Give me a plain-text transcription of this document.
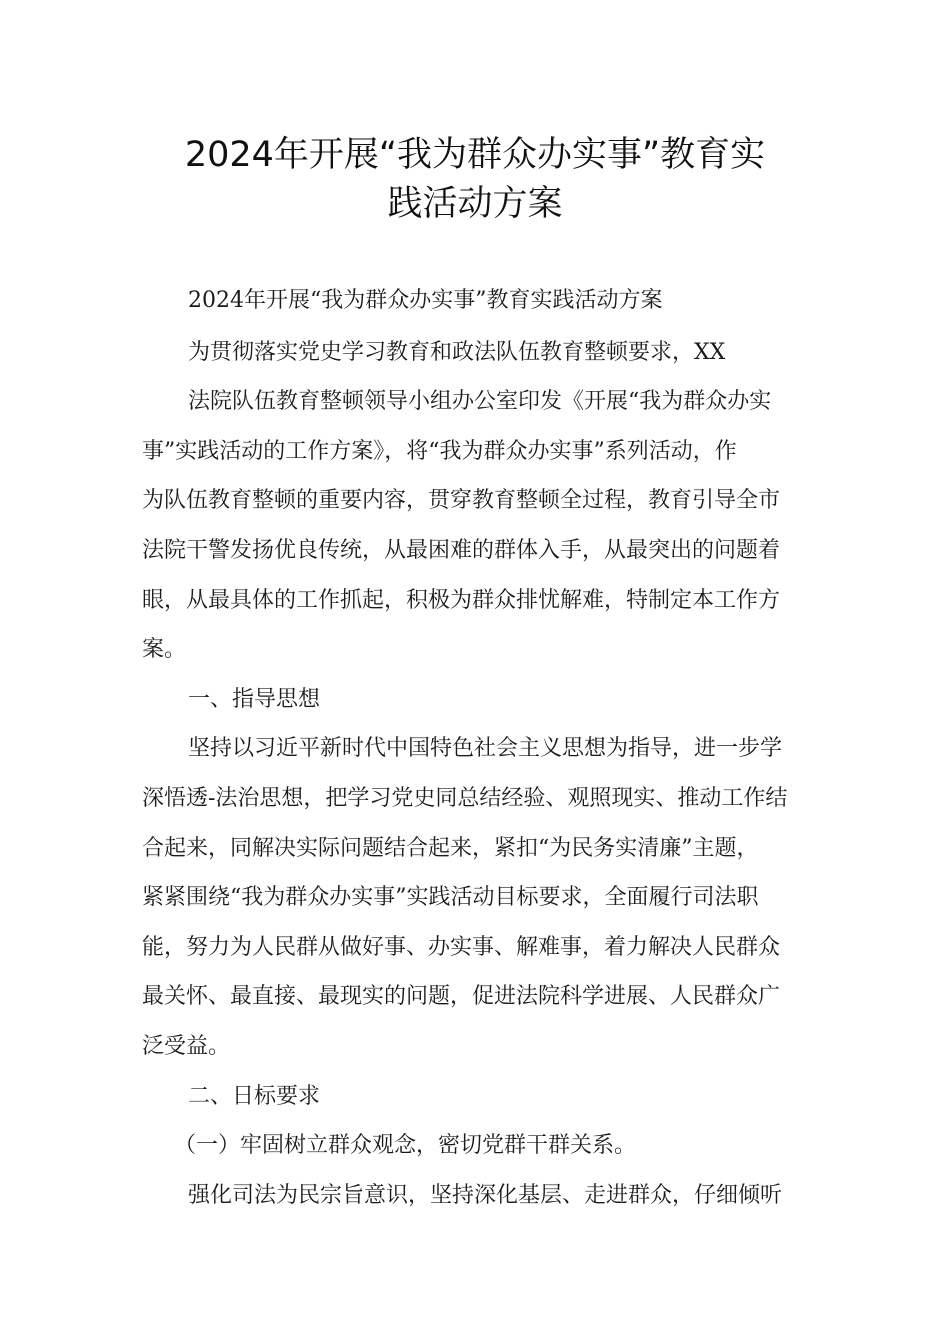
2024年开展“我为群众办实事”教育实
践活动方案

2024年开展“我为群众办实事”教育实践活动方案

为贯彻落实党史学习教育和政法队伍教育整顿要求，XX

法院队伍教育整顿领导小组办公室印发《开展“我为群众办实

事”实践活动的工作方案》，将“我为群众办实事”系列活动，作

为队伍教育整顿的重要内容，贯穿教育整顿全过程，教育引导全市

法院干警发扬优良传统，从最困难的群体入手，从最突出的问题着

眼，从最具体的工作抓起，积极为群众排忧解难，特制定本工作方

案。

一、指导思想

坚持以习近平新时代中国特色社会主义思想为指导，进一步学

深悟透-法治思想，把学习党史同总结经验、观照现实、推动工作结

合起来，同解决实际问题结合起来，紧扣“为民务实清廉”主题，

紧紧围绕“我为群众办实事”实践活动目标要求，全面履行司法职

能，努力为人民群从做好事、办实事、解难事，着力解决人民群众

最关怀、最直接、最现实的问题，促进法院科学进展、人民群众广

泛受益。

二、日标要求

（一）牢固树立群众观念，密切党群干群关系。

强化司法为民宗旨意识，坚持深化基层、走进群众，仔细倾听
